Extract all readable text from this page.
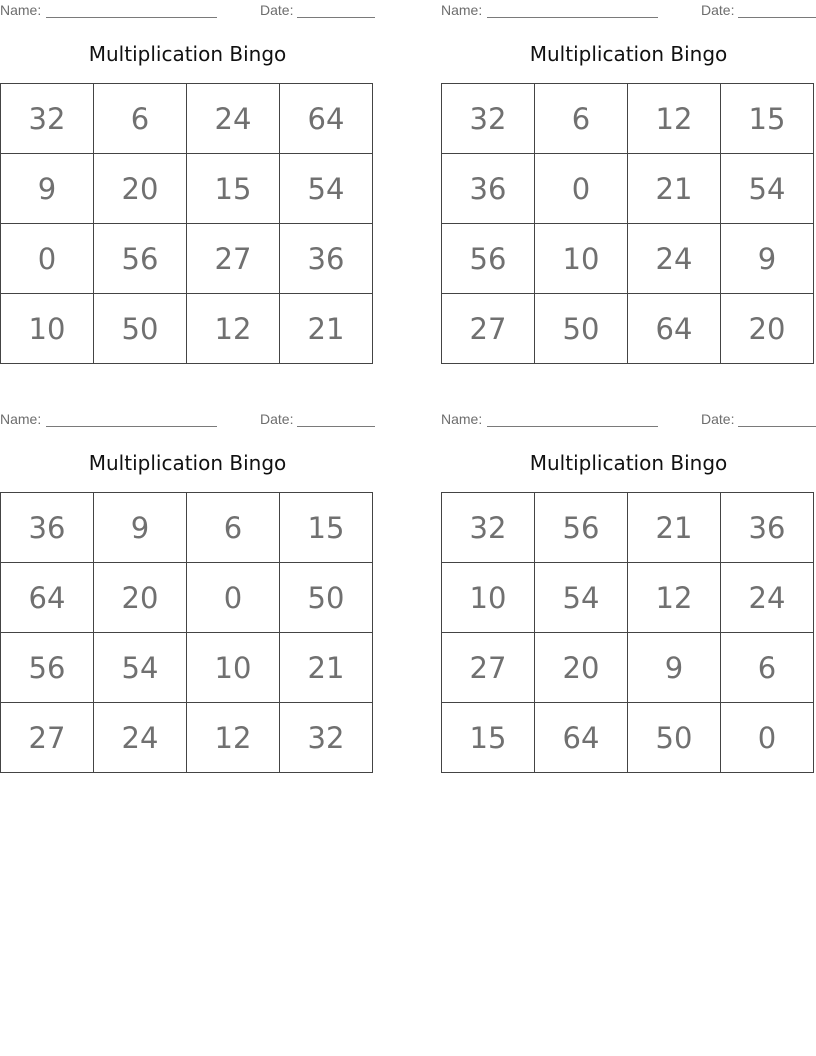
Name:	Date:
Multiplication Bingo
32	6	24	64
9	20	15	54
0	56	27	36
10	50	12	21
Name:	Date:
Multiplication Bingo
32	6	12	15
36	0	21	54
56	10	24	9
27	50	64	20
Name:	Date:
Multiplication Bingo
36	9	6	15
64	20	0	50
56	54	10	21
27	24	12	32
Name:	Date:
Multiplication Bingo
32	56	21	36
10	54	12	24
27	20	9	6
15	64	50	0
